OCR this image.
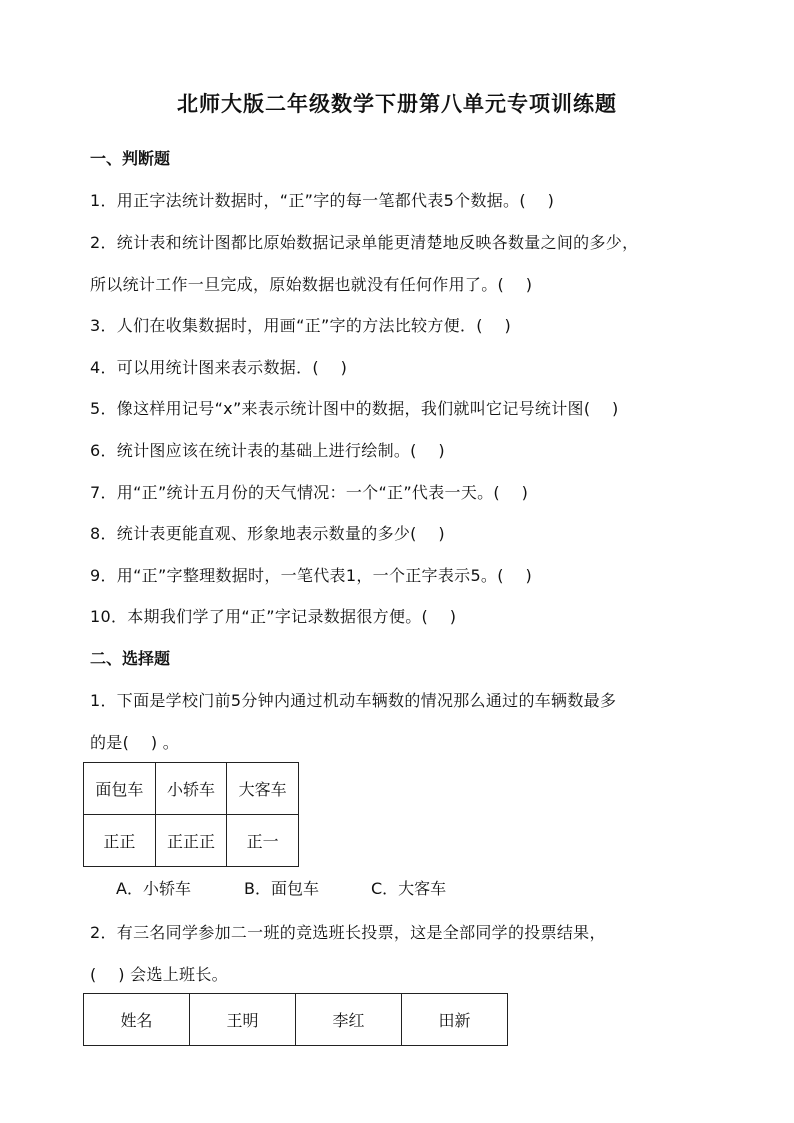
北师大版二年级数学下册第八单元专项训练题
一、判断题
1．用正字法统计数据时，“正”字的每一笔都代表5个数据。(　 )
2．统计表和统计图都比原始数据记录单能更清楚地反映各数量之间的多少，
所以统计工作一旦完成，原始数据也就没有任何作用了。(　 )
3．人们在收集数据时，用画“正”字的方法比较方便．(　 )
4．可以用统计图来表示数据．(　 )
5．像这样用记号“x”来表示统计图中的数据，我们就叫它记号统计图(　 )
6．统计图应该在统计表的基础上进行绘制。(　 )
7．用“正”统计五月份的天气情况：一个“正”代表一天。(　 )
8．统计表更能直观、形象地表示数量的多少(　 )
9．用“正”字整理数据时，一笔代表1，一个正字表示5。(　 )
10．本期我们学了用“正”字记录数据很方便。(　 )
二、选择题
1．下面是学校门前5分钟内通过机动车辆数的情况那么通过的车辆数最多
的是(　 ) 。
面包车	小轿车	大客车
正正	正正正	正一
A．小轿车	B．面包车	C．大客车
2．有三名同学参加二一班的竞选班长投票，这是全部同学的投票结果，
(　 ) 会选上班长。
姓名	王明	李红	田新
